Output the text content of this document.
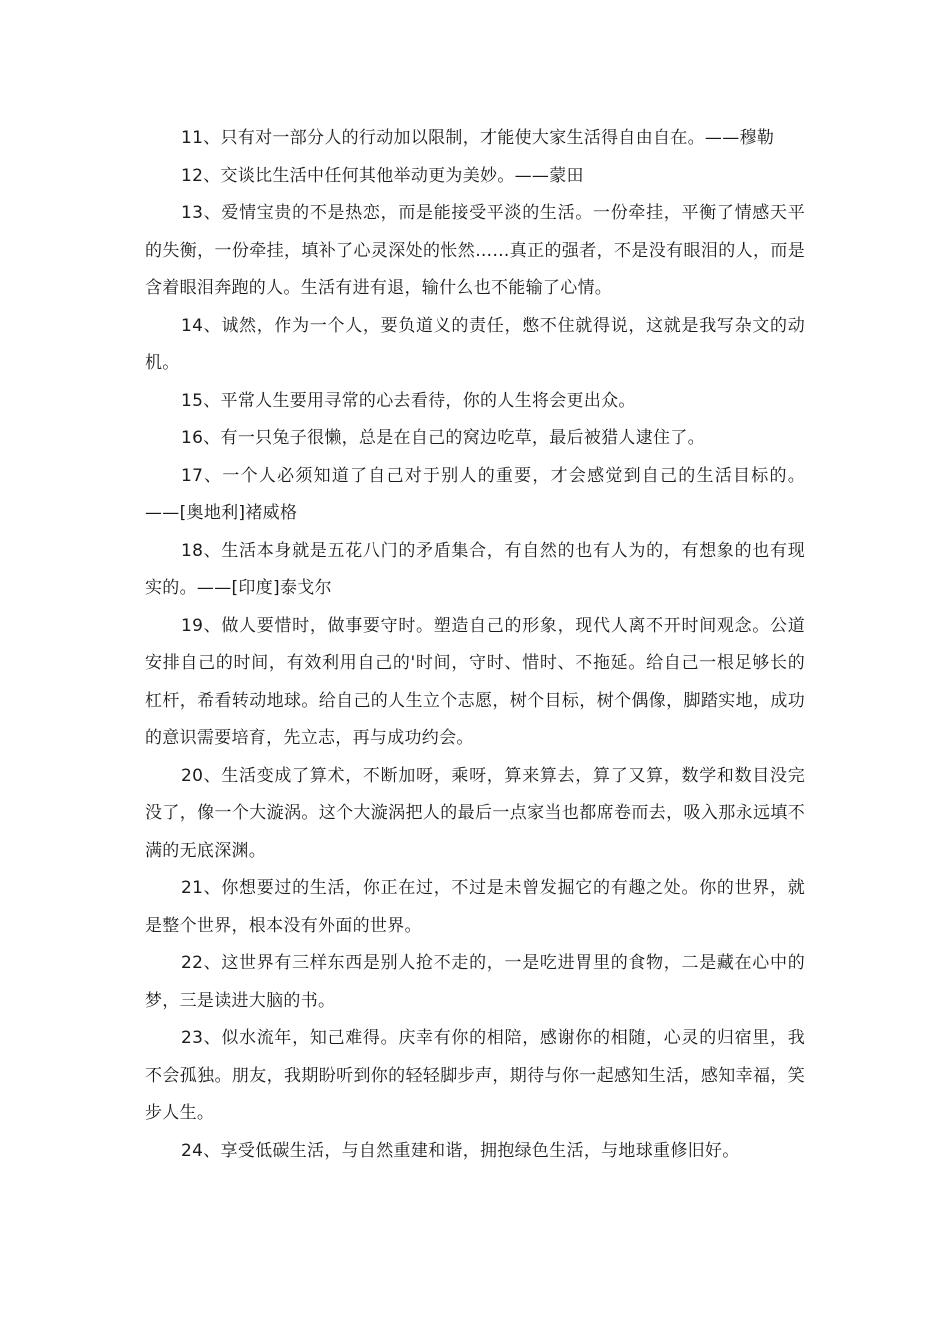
11、只有对一部分人的行动加以限制，才能使大家生活得自由自在。——穆勒

12、交谈比生活中任何其他举动更为美妙。——蒙田

13、爱情宝贵的不是热恋，而是能接受平淡的生活。一份牵挂，平衡了情感天平的失衡，一份牵挂，填补了心灵深处的怅然……真正的强者，不是没有眼泪的人，而是含着眼泪奔跑的人。生活有进有退，输什么也不能输了心情。

14、诚然，作为一个人，要负道义的责任，憋不住就得说，这就是我写杂文的动机。

15、平常人生要用寻常的心去看待，你的人生将会更出众。

16、有一只兔子很懒，总是在自己的窝边吃草，最后被猎人逮住了。

17、一个人必须知道了自己对于别人的重要，才会感觉到自己的生活目标的。——[奥地利]褚威格

18、生活本身就是五花八门的矛盾集合，有自然的也有人为的，有想象的也有现实的。——[印度]泰戈尔

19、做人要惜时，做事要守时。塑造自己的形象，现代人离不开时间观念。公道安排自己的时间，有效利用自己的'时间，守时、惜时、不拖延。给自己一根足够长的杠杆，希看转动地球。给自己的人生立个志愿，树个目标，树个偶像，脚踏实地，成功的意识需要培育，先立志，再与成功约会。

20、生活变成了算术，不断加呀，乘呀，算来算去，算了又算，数学和数目没完没了，像一个大漩涡。这个大漩涡把人的最后一点家当也都席卷而去，吸入那永远填不满的无底深渊。

21、你想要过的生活，你正在过，不过是未曾发掘它的有趣之处。你的世界，就是整个世界，根本没有外面的世界。

22、这世界有三样东西是别人抢不走的，一是吃进胃里的食物，二是藏在心中的梦，三是读进大脑的书。

23、似水流年，知己难得。庆幸有你的相陪，感谢你的相随，心灵的归宿里，我不会孤独。朋友，我期盼听到你的轻轻脚步声，期待与你一起感知生活，感知幸福，笑步人生。

24、享受低碳生活，与自然重建和谐，拥抱绿色生活，与地球重修旧好。
